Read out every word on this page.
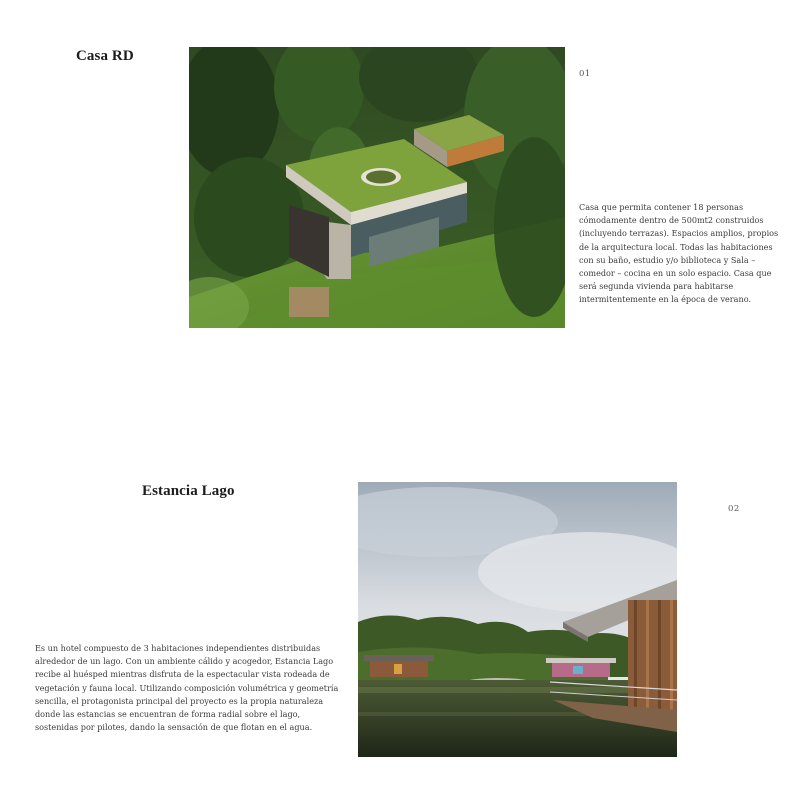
Casa RD
01

Casa que permita contener 18 personas cómodamente dentro de 500mt2 construidos (incluyendo terrazas). Espacios amplios, propios de la arquitectura local. Todas las habitaciones con su baño, estudio y/o biblioteca y Sala – comedor – cocina en un solo espacio. Casa que será segunda vivienda para habitarse intermitentemente en la época de verano.

Estancia Lago
02

Es un hotel compuesto de 3 habitaciones independientes distribuidas alrededor de un lago. Con un ambiente cálido y acogedor, Estancia Lago recibe al huésped mientras disfruta de la espectacular vista rodeada de vegetación y fauna local. Utilizando composición volumétrica y geometría sencilla, el protagonista principal del proyecto es la propia naturaleza donde las estancias se encuentran de forma radial sobre el lago, sostenidas por pilotes, dando la sensación de que flotan en el agua.
